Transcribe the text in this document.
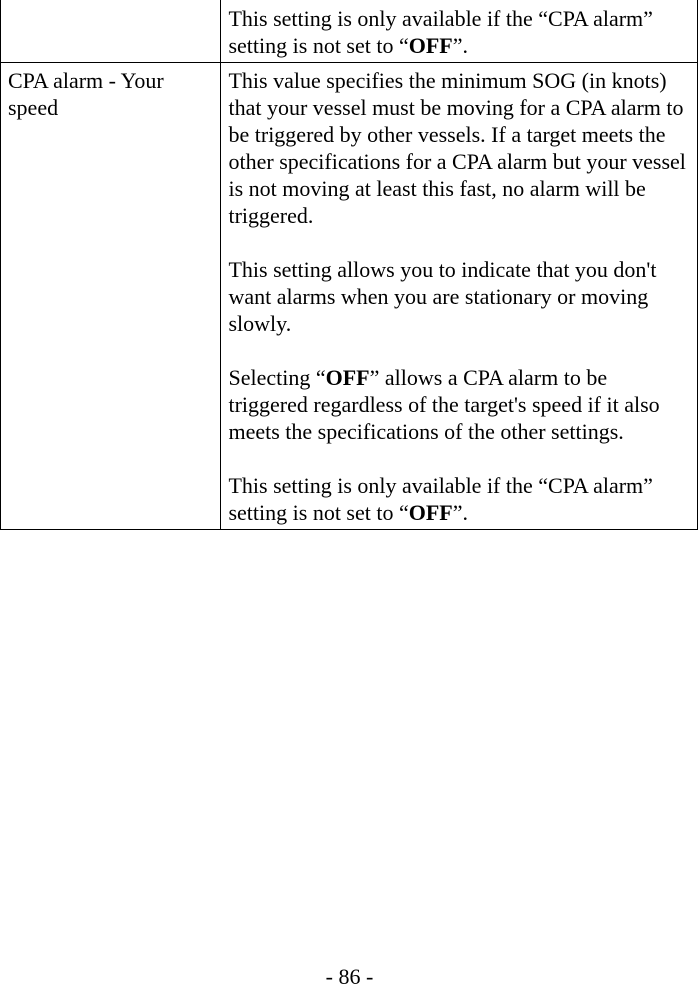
	This setting is only available if the “CPA alarm” setting is not set to “OFF”.

CPA alarm - Your speed	This value specifies the minimum SOG (in knots) that your vessel must be moving for a CPA alarm to be triggered by other vessels. If a target meets the other specifications for a CPA alarm but your vessel is not moving at least this fast, no alarm will be triggered.

This setting allows you to indicate that you don't want alarms when you are stationary or moving slowly.

Selecting “OFF” allows a CPA alarm to be triggered regardless of the target's speed if it also meets the specifications of the other settings.

This setting is only available if the “CPA alarm” setting is not set to “OFF”.

- 86 -
